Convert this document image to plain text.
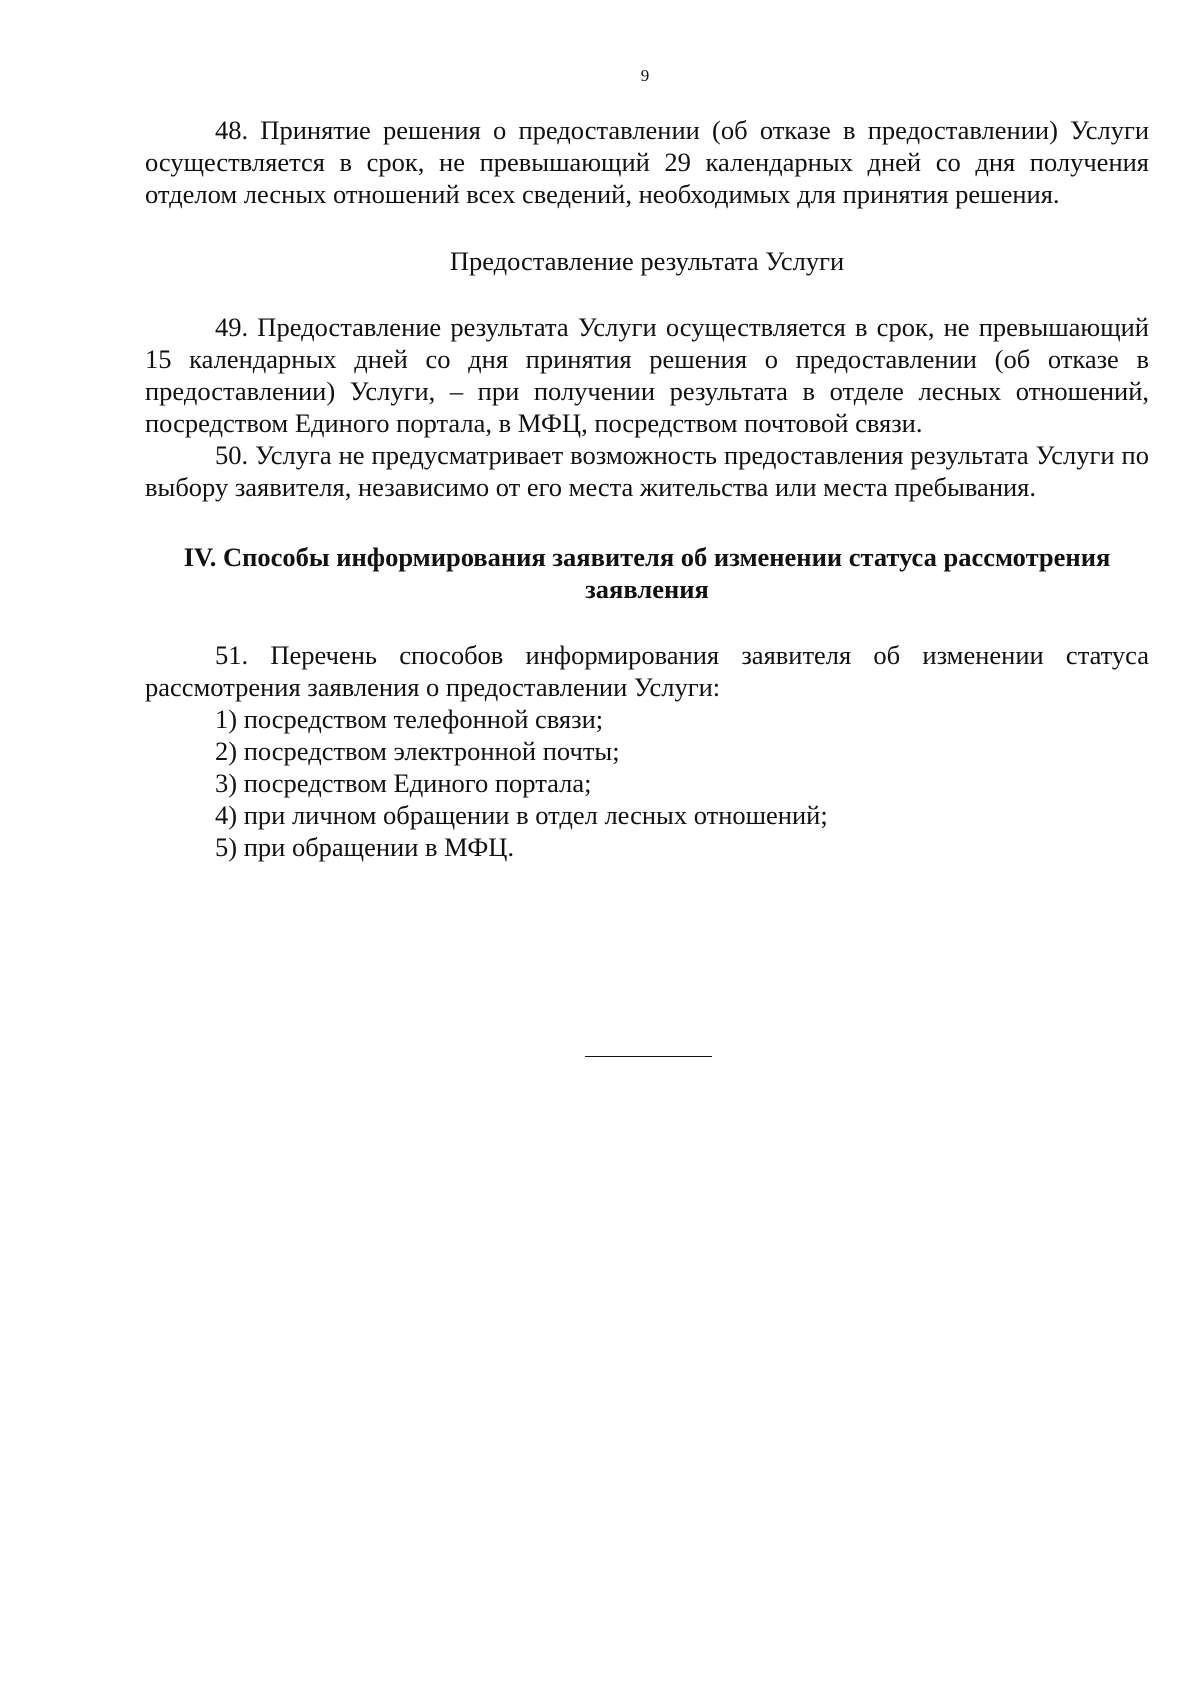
9

48. Принятие решения о предоставлении (об отказе в предоставлении) Услуги осуществляется в срок, не превышающий 29 календарных дней со дня получения отделом лесных отношений всех сведений, необходимых для принятия решения.

Предоставление результата Услуги

49. Предоставление результата Услуги осуществляется в срок, не превышающий 15 календарных дней со дня принятия решения о предоставлении (об отказе в предоставлении) Услуги, – при получении результата в отделе лесных отношений, посредством Единого портала, в МФЦ, посредством почтовой связи.

50. Услуга не предусматривает возможность предоставления результата Услуги по выбору заявителя, независимо от его места жительства или места пребывания.

IV. Способы информирования заявителя об изменении статуса рассмотрения заявления

51. Перечень способов информирования заявителя об изменении статуса рассмотрения заявления о предоставлении Услуги:

1) посредством телефонной связи;

2) посредством электронной почты;

3) посредством Единого портала;

4) при личном обращении в отдел лесных отношений;

5) при обращении в МФЦ.
